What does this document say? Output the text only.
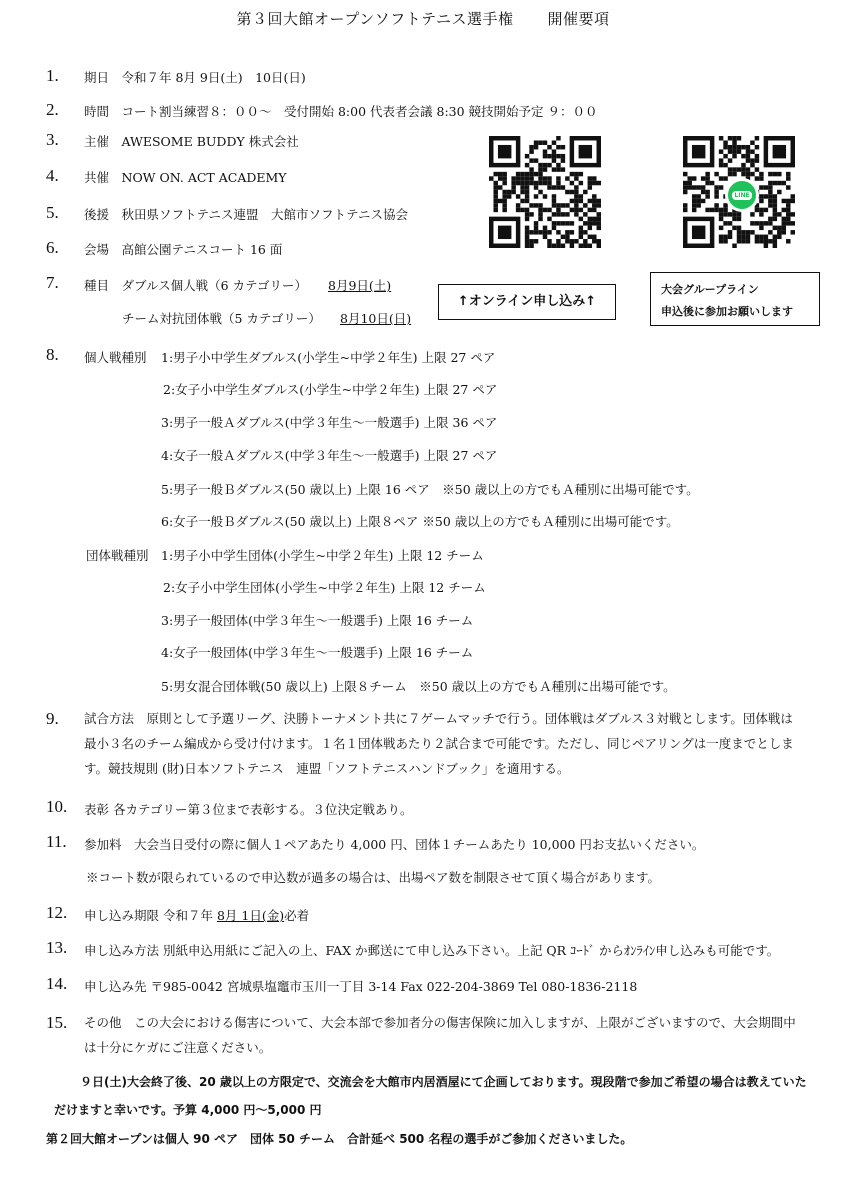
第３回大館オープンソフトテニス選手権 開催要項
1. 期日　令和７年 8月 9日(土)　10日(日)
2. 時間　コート割当練習８：００〜　受付開始 8:00 代表者会議 8:30 競技開始予定 ９：００
3. 主催　AWESOME BUDDY 株式会社
4. 共催　NOW ON. ACT ACADEMY
5. 後援　秋田県ソフトテニス連盟　大館市ソフトテニス協会
6. 会場　高館公園テニスコート 16 面
7. 種目　ダブルス個人戦（6 カテゴリー） 8月9日(土)
チーム対抗団体戦（5 カテゴリー） 8月10日(日)
LINE
↑オンライン申し込み↑
大会グループライン
申込後に参加お願いします
8. 個人戦種別 1:男子小中学生ダブルス(小学生~中学２年生) 上限 27 ペア
2:女子小中学生ダブルス(小学生~中学２年生) 上限 27 ペア
3:男子一般Ａダブルス(中学３年生〜一般選手) 上限 36 ペア
4:女子一般Ａダブルス(中学３年生〜一般選手) 上限 27 ペア
5:男子一般Ｂダブルス(50 歳以上) 上限 16 ペア　※50 歳以上の方でもＡ種別に出場可能です。
6:女子一般Ｂダブルス(50 歳以上) 上限８ペア ※50 歳以上の方でもＡ種別に出場可能です。
団体戦種別 1:男子小中学生団体(小学生~中学２年生) 上限 12 チーム
2:女子小中学生団体(小学生~中学２年生) 上限 12 チーム
3:男子一般団体(中学３年生〜一般選手) 上限 16 チーム
4:女子一般団体(中学３年生〜一般選手) 上限 16 チーム
5:男女混合団体戦(50 歳以上) 上限８チーム　※50 歳以上の方でもＡ種別に出場可能です。
9. 試合方法　原則として予選リーグ、決勝トーナメント共に７ゲームマッチで行う。団体戦はダブルス３対戦とします。団体戦は最小３名のチーム編成から受け付けます。１名１団体戦あたり２試合まで可能です。ただし、同じペアリングは一度までとします。競技規則 (財)日本ソフトテニス　連盟「ソフトテニスハンドブック」を適用する。
10. 表彰 各カテゴリー第３位まで表彰する。３位決定戦あり。
11. 参加料　大会当日受付の際に個人１ペアあたり 4,000 円、団体１チームあたり 10,000 円お支払いください。
※コート数が限られているので申込数が過多の場合は、出場ペア数を制限させて頂く場合があります。
12. 申し込み期限 令和７年 8月 1日(金)必着
13. 申し込み方法 別紙申込用紙にご記入の上、FAX か郵送にて申し込み下さい。上記 QR ｺｰﾄﾞ からｵﾝﾗｲﾝ申し込みも可能です。
14. 申し込み先 〒985-0042 宮城県塩竈市玉川一丁目 3-14 Fax 022-204-3869 Tel 080-1836-2118
15. その他　この大会における傷害について、大会本部で参加者分の傷害保険に加入しますが、上限がございますので、大会期間中は十分にケガにご注意ください。
９日(土)大会終了後、20 歳以上の方限定で、交流会を大館市内居酒屋にて企画しております。現段階で参加ご希望の場合は教えていただけますと幸いです。予算 4,000 円〜5,000 円
第２回大館オープンは個人 90 ペア　団体 50 チーム　合計延べ 500 名程の選手がご参加くださいました。
